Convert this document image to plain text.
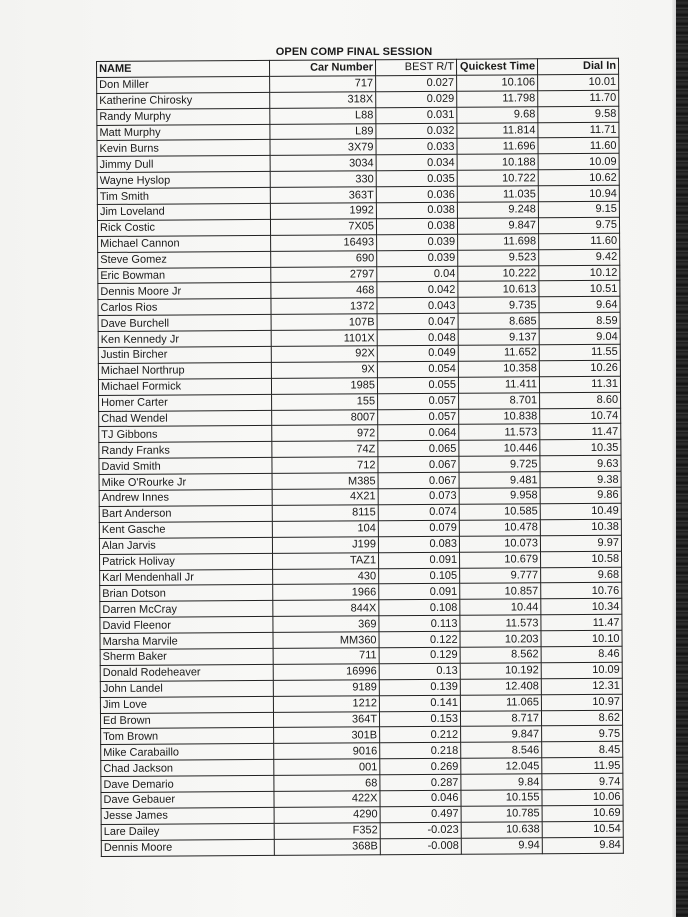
OPEN COMP FINAL SESSION
NAME	Car Number	BEST R/T	Quickest Time	Dial In
Don Miller	717	0.027	10.106	10.01
Katherine Chirosky	318X	0.029	11.798	11.70
Randy Murphy	L88	0.031	9.68	9.58
Matt Murphy	L89	0.032	11.814	11.71
Kevin Burns	3X79	0.033	11.696	11.60
Jimmy Dull	3034	0.034	10.188	10.09
Wayne Hyslop	330	0.035	10.722	10.62
Tim Smith	363T	0.036	11.035	10.94
Jim Loveland	1992	0.038	9.248	9.15
Rick Costic	7X05	0.038	9.847	9.75
Michael Cannon	16493	0.039	11.698	11.60
Steve Gomez	690	0.039	9.523	9.42
Eric Bowman	2797	0.04	10.222	10.12
Dennis Moore Jr	468	0.042	10.613	10.51
Carlos Rios	1372	0.043	9.735	9.64
Dave Burchell	107B	0.047	8.685	8.59
Ken Kennedy Jr	1101X	0.048	9.137	9.04
Justin Bircher	92X	0.049	11.652	11.55
Michael Northrup	9X	0.054	10.358	10.26
Michael Formick	1985	0.055	11.411	11.31
Homer Carter	155	0.057	8.701	8.60
Chad Wendel	8007	0.057	10.838	10.74
TJ Gibbons	972	0.064	11.573	11.47
Randy Franks	74Z	0.065	10.446	10.35
David Smith	712	0.067	9.725	9.63
Mike O'Rourke Jr	M385	0.067	9.481	9.38
Andrew Innes	4X21	0.073	9.958	9.86
Bart Anderson	8115	0.074	10.585	10.49
Kent Gasche	104	0.079	10.478	10.38
Alan Jarvis	J199	0.083	10.073	9.97
Patrick Holivay	TAZ1	0.091	10.679	10.58
Karl Mendenhall Jr	430	0.105	9.777	9.68
Brian Dotson	1966	0.091	10.857	10.76
Darren McCray	844X	0.108	10.44	10.34
David Fleenor	369	0.113	11.573	11.47
Marsha Marvile	MM360	0.122	10.203	10.10
Sherm Baker	711	0.129	8.562	8.46
Donald Rodeheaver	16996	0.13	10.192	10.09
John Landel	9189	0.139	12.408	12.31
Jim Love	1212	0.141	11.065	10.97
Ed Brown	364T	0.153	8.717	8.62
Tom Brown	301B	0.212	9.847	9.75
Mike Carabaillo	9016	0.218	8.546	8.45
Chad Jackson	001	0.269	12.045	11.95
Dave Demario	68	0.287	9.84	9.74
Dave Gebauer	422X	0.046	10.155	10.06
Jesse James	4290	0.497	10.785	10.69
Lare Dailey	F352	-0.023	10.638	10.54
Dennis Moore	368B	-0.008	9.94	9.84
